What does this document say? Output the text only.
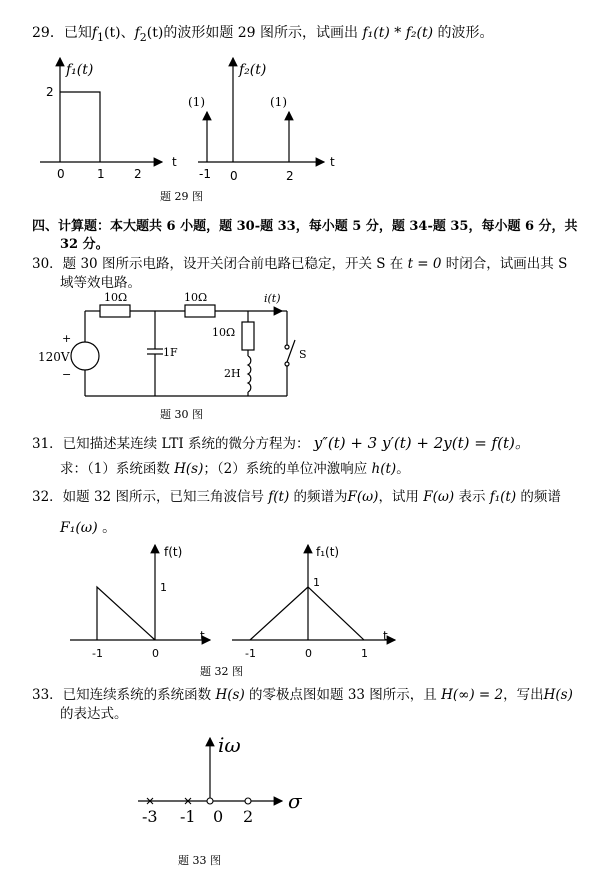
29．已知$f_1(t)$、$f_2(t)$的波形如题 29 图所示，试画出 f₁(t) * f₂(t) 的波形。
f₁(t)
2
0	1 2
t
f₂(t)
(1)	(1)
-1 0	2
t
10Ω	10Ω
10Ω
1F
2H
120V
+
−
i(t)
S
f(t)
1
-1	0
t
f₁(t)
1
-1	0	1
t
iω
σ
-3 -1 0 2
题 29 图
四、计算题：本大题共 6 小题，题 30-题 33，每小题 5 分，题 34-题 35，每小题 6 分，共
32 分。
30．题 30 图所示电路，设开关闭合前电路已稳定，开关 S 在 t = 0 时闭合，试画出其 S
域等效电路。
题 30 图
31．已知描述某连续 LTI 系统的微分方程为： y″(t) + 3 y′(t) + 2y(t) = f(t)。
求：（1）系统函数 H(s)；（2）系统的单位冲激响应 h(t)。
32．如题 32 图所示，已知三角波信号 f(t) 的频谱为F(ω)，试用 F(ω) 表示 f₁(t) 的频谱
F₁(ω) 。
题 32 图
33．已知连续系统的系统函数 H(s) 的零极点图如题 33 图所示，且 H(∞) = 2，写出H(s)
的表达式。
题 33 图
